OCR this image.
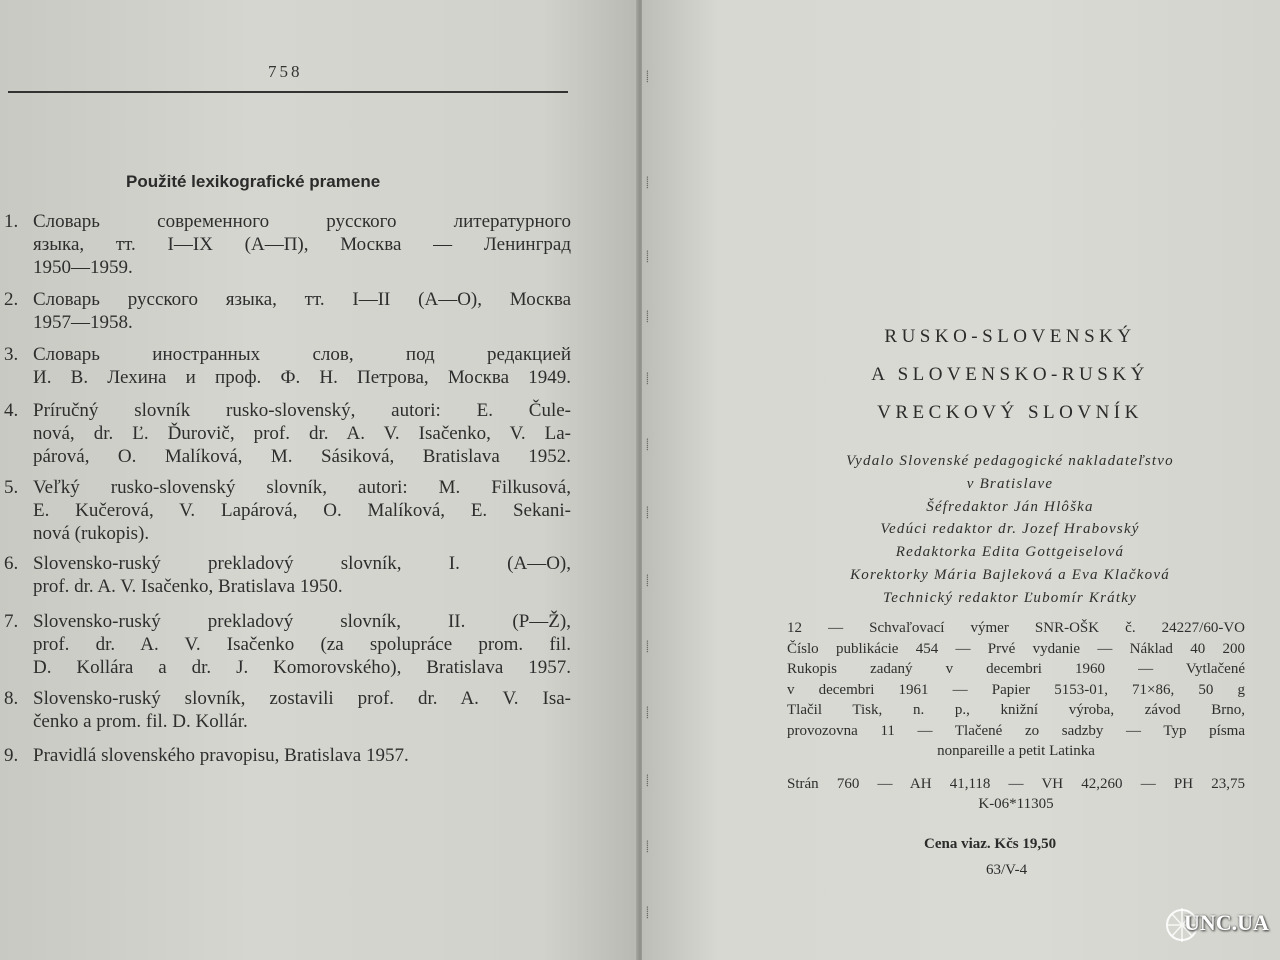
⸽
⸽
⸽
⸽
⸽
⸽
⸽
⸽
⸽
⸽
⸽
⸽
⸽
758
Použité lexikografické pramene
1. Словарь современного русского литературного
языка, тт. I—IX (А—П), Москва — Ленинград
1950—1959.
2. Словарь русского языка, тт. I—II (А—О), Москва
1957—1958.
3. Словарь иностранных слов, под редакцией
И. В. Лехина и проф. Ф. Н. Петрова, Москва 1949.
4. Príručný slovník rusko-slovenský, autori: E. Čule-
nová, dr. Ľ. Ďurovič, prof. dr. A. V. Isačenko, V. La-
párová, O. Malíková, M. Sásiková, Bratislava 1952.
5. Veľký rusko-slovenský slovník, autori: M. Filkusová,
E. Kučerová, V. Lapárová, O. Malíková, E. Sekani-
nová (rukopis).
6. Slovensko-ruský prekladový slovník, I. (A—O),
prof. dr. A. V. Isačenko, Bratislava 1950.
7. Slovensko-ruský prekladový slovník, II. (P—Ž),
prof. dr. A. V. Isačenko (za spolupráce prom. fil.
D. Kollára a dr. J. Komorovského), Bratislava 1957.
8. Slovensko-ruský slovník, zostavili prof. dr. A. V. Isa-
čenko a prom. fil. D. Kollár.
9. Pravidlá slovenského pravopisu, Bratislava 1957.
RUSKO-SLOVENSKÝ
A SLOVENSKO-RUSKÝ
VRECKOVÝ SLOVNÍK
Vydalo Slovenské pedagogické nakladateľstvo
v Bratislave
Šéfredaktor Ján Hlôška
Vedúci redaktor dr. Jozef Hrabovský
Redaktorka Edita Gottgeiselová
Korektorky Mária Bajleková a Eva Klačková
Technický redaktor Ľubomír Krátky
12 — Schvaľovací výmer SNR-OŠK č. 24227/60-VO
Číslo publikácie 454 — Prvé vydanie — Náklad 40 200
Rukopis zadaný v decembri 1960 — Vytlačené
v decembri 1961 — Papier 5153-01, 71×86, 50 g
Tlačil Tisk, n. p., knižní výroba, závod Brno,
provozovna 11 — Tlačené zo sadzby — Typ písma
nonpareille a petit Latinka
Strán 760 — AH 41,118 — VH 42,260 — PH 23,75
K-06*11305
Cena viaz. Kčs 19,50
63/V-4
UNC.UA
